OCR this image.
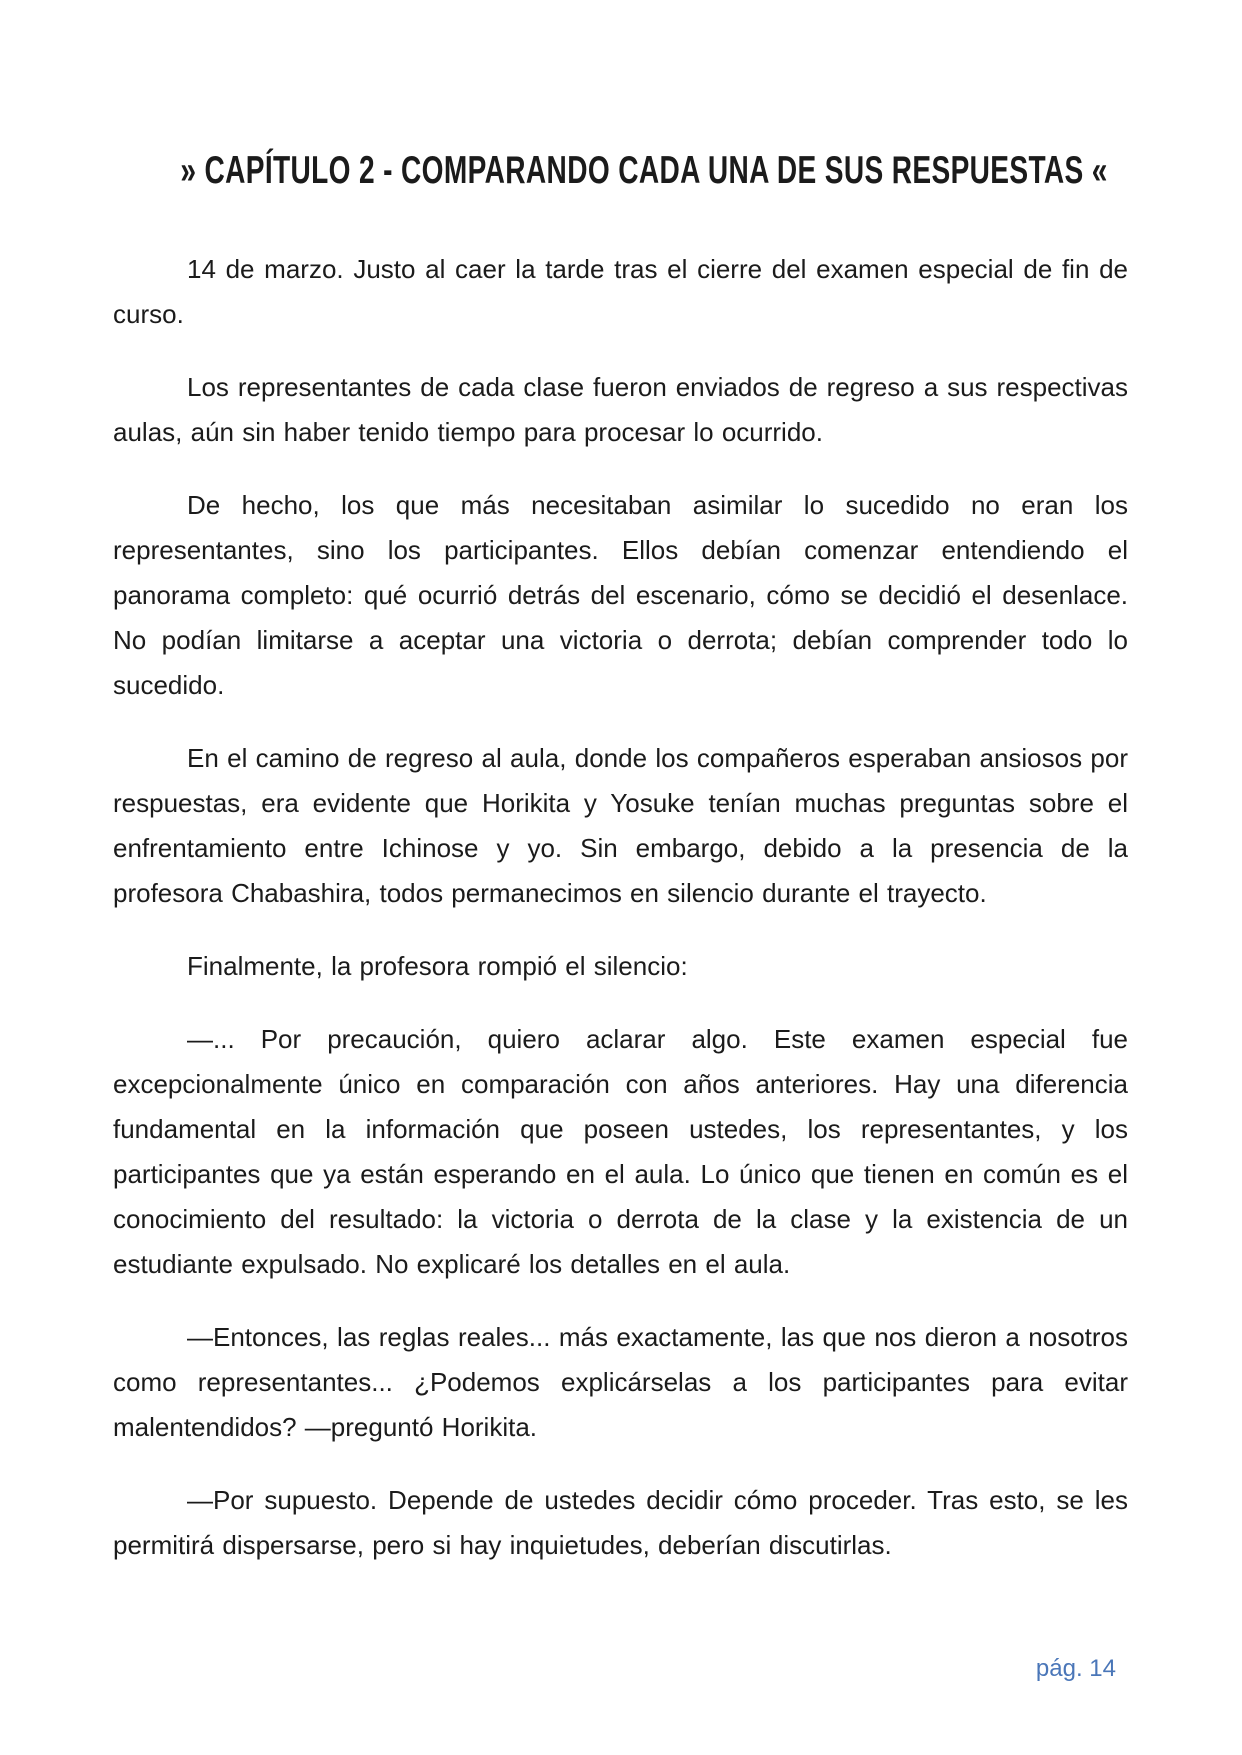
» CAPÍTULO 2 - COMPARANDO CADA UNA DE SUS RESPUESTAS «

14 de marzo. Justo al caer la tarde tras el cierre del examen especial de fin de curso.

Los representantes de cada clase fueron enviados de regreso a sus respectivas aulas, aún sin haber tenido tiempo para procesar lo ocurrido.

De hecho, los que más necesitaban asimilar lo sucedido no eran los representantes, sino los participantes. Ellos debían comenzar entendiendo el panorama completo: qué ocurrió detrás del escenario, cómo se decidió el desenlace. No podían limitarse a aceptar una victoria o derrota; debían comprender todo lo sucedido.

En el camino de regreso al aula, donde los compañeros esperaban ansiosos por respuestas, era evidente que Horikita y Yosuke tenían muchas preguntas sobre el enfrentamiento entre Ichinose y yo. Sin embargo, debido a la presencia de la profesora Chabashira, todos permanecimos en silencio durante el trayecto.

Finalmente, la profesora rompió el silencio:

—... Por precaución, quiero aclarar algo. Este examen especial fue excepcionalmente único en comparación con años anteriores. Hay una diferencia fundamental en la información que poseen ustedes, los representantes, y los participantes que ya están esperando en el aula. Lo único que tienen en común es el conocimiento del resultado: la victoria o derrota de la clase y la existencia de un estudiante expulsado. No explicaré los detalles en el aula.

—Entonces, las reglas reales... más exactamente, las que nos dieron a nosotros como representantes... ¿Podemos explicárselas a los participantes para evitar malentendidos? —preguntó Horikita.

—Por supuesto. Depende de ustedes decidir cómo proceder. Tras esto, se les permitirá dispersarse, pero si hay inquietudes, deberían discutirlas.

pág. 14
